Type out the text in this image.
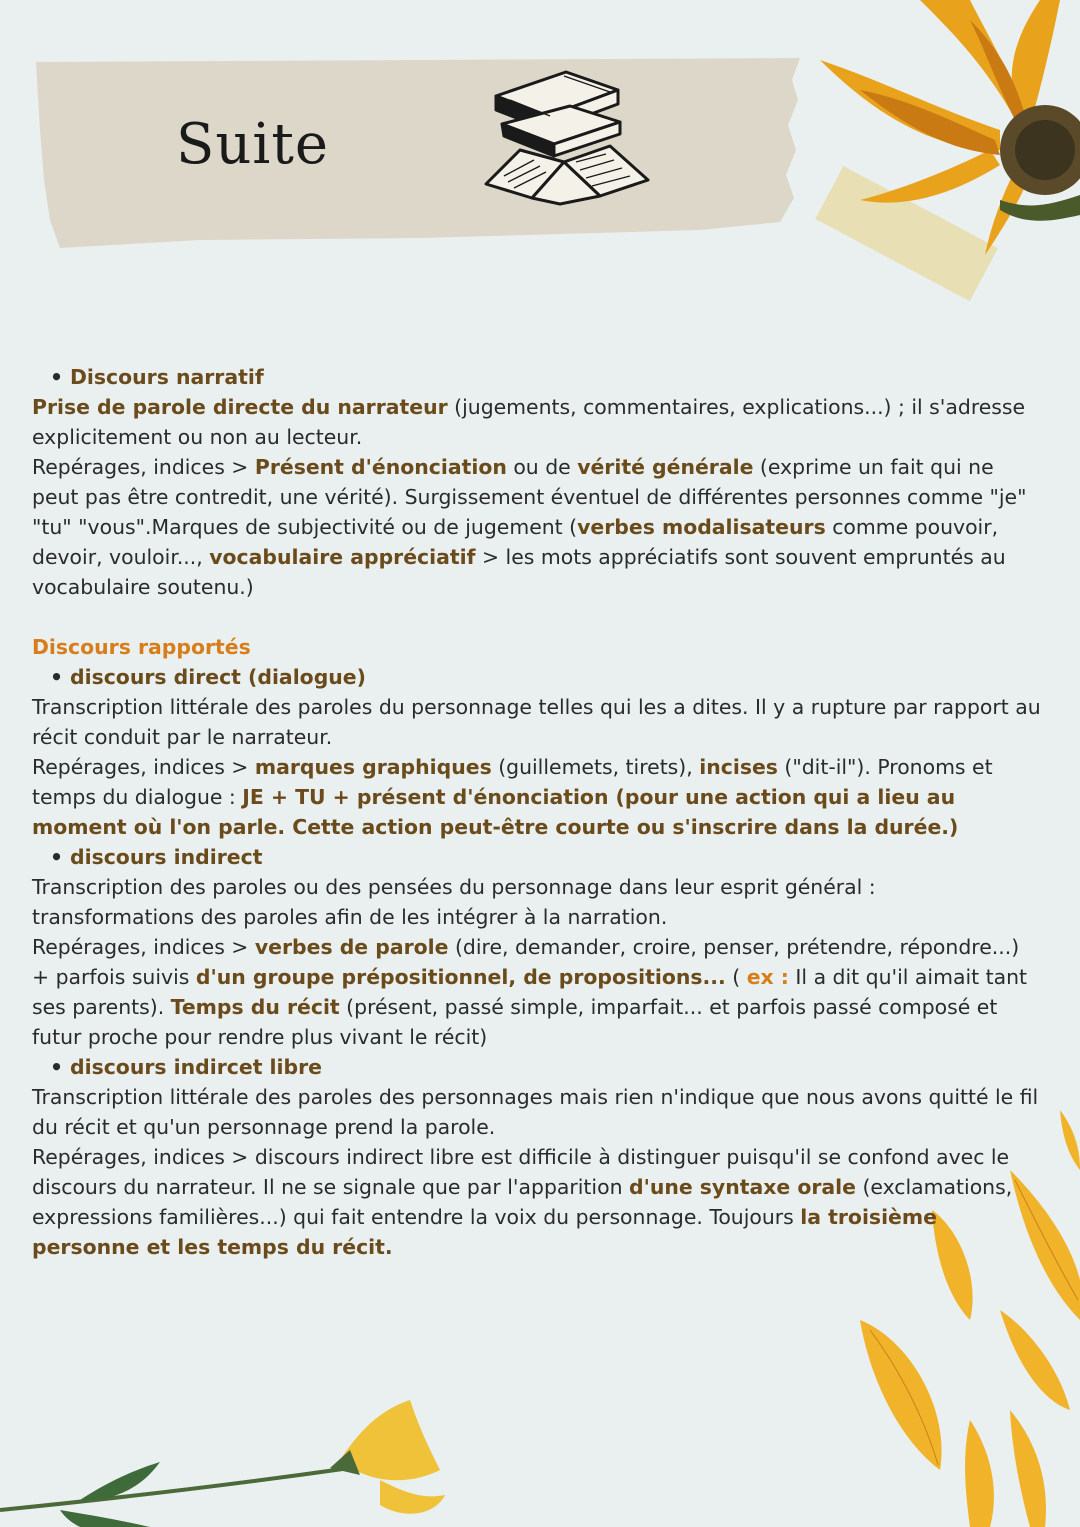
Suite
• Discours narratif

Prise de parole directe du narrateur (jugements, commentaires, explications...) ; il s'adresse explicitement ou non au lecteur.

Repérages, indices > Présent d'énonciation ou de vérité générale (exprime un fait qui ne peut pas être contredit, une vérité). Surgissement éventuel de différentes personnes comme "je" "tu" "vous".Marques de subjectivité ou de jugement (verbes modalisateurs comme pouvoir, devoir, vouloir..., vocabulaire appréciatif > les mots appréciatifs sont souvent empruntés au vocabulaire soutenu.)

Discours rapportés

• discours direct (dialogue)

Transcription littérale des paroles du personnage telles qui les a dites. Il y a rupture par rapport au récit conduit par le narrateur.

Repérages, indices > marques graphiques (guillemets, tirets), incises ("dit-il"). Pronoms et temps du dialogue : JE + TU + présent d'énonciation (pour une action qui a lieu au moment où l'on parle. Cette action peut-être courte ou s'inscrire dans la durée.)

• discours indirect

Transcription des paroles ou des pensées du personnage dans leur esprit général : transformations des paroles afin de les intégrer à la narration.

Repérages, indices > verbes de parole (dire, demander, croire, penser, prétendre, répondre...) + parfois suivis d'un groupe prépositionnel, de propositions... ( ex : Il a dit qu'il aimait tant ses parents). Temps du récit (présent, passé simple, imparfait... et parfois passé composé et futur proche pour rendre plus vivant le récit)

• discours indircet libre

Transcription littérale des paroles des personnages mais rien n'indique que nous avons quitté le fil du récit et qu'un personnage prend la parole.

Repérages, indices > discours indirect libre est difficile à distinguer puisqu'il se confond avec le discours du narrateur. Il ne se signale que par l'apparition d'une syntaxe orale (exclamations, expressions familières...) qui fait entendre la voix du personnage. Toujours la troisième personne et les temps du récit.
